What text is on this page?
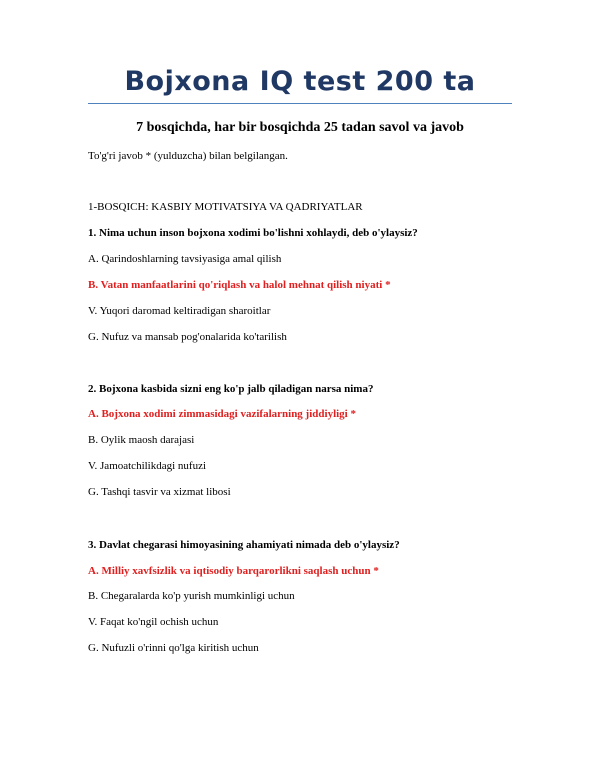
Bojxona IQ test 200 ta
7 bosqichda, har bir bosqichda 25 tadan savol va javob
To'g'ri javob * (yulduzcha) bilan belgilangan.
1-BOSQICH: KASBIY MOTIVATSIYA VA QADRIYATLAR
1. Nima uchun inson bojxona xodimi bo'lishni xohlaydi, deb o'ylaysiz?
A. Qarindoshlarning tavsiyasiga amal qilish
B. Vatan manfaatlarini qo'riqlash va halol mehnat qilish niyati *
V. Yuqori daromad keltiradigan sharoitlar
G. Nufuz va mansab pog'onalarida ko'tarilish
2. Bojxona kasbida sizni eng ko'p jalb qiladigan narsa nima?
A. Bojxona xodimi zimmasidagi vazifalarning jiddiyligi *
B. Oylik maosh darajasi
V. Jamoatchilikdagi nufuzi
G. Tashqi tasvir va xizmat libosi
3. Davlat chegarasi himoyasining ahamiyati nimada deb o'ylaysiz?
A. Milliy xavfsizlik va iqtisodiy barqarorlikni saqlash uchun *
B. Chegaralarda ko'p yurish mumkinligi uchun
V. Faqat ko'ngil ochish uchun
G. Nufuzli o'rinni qo'lga kiritish uchun
